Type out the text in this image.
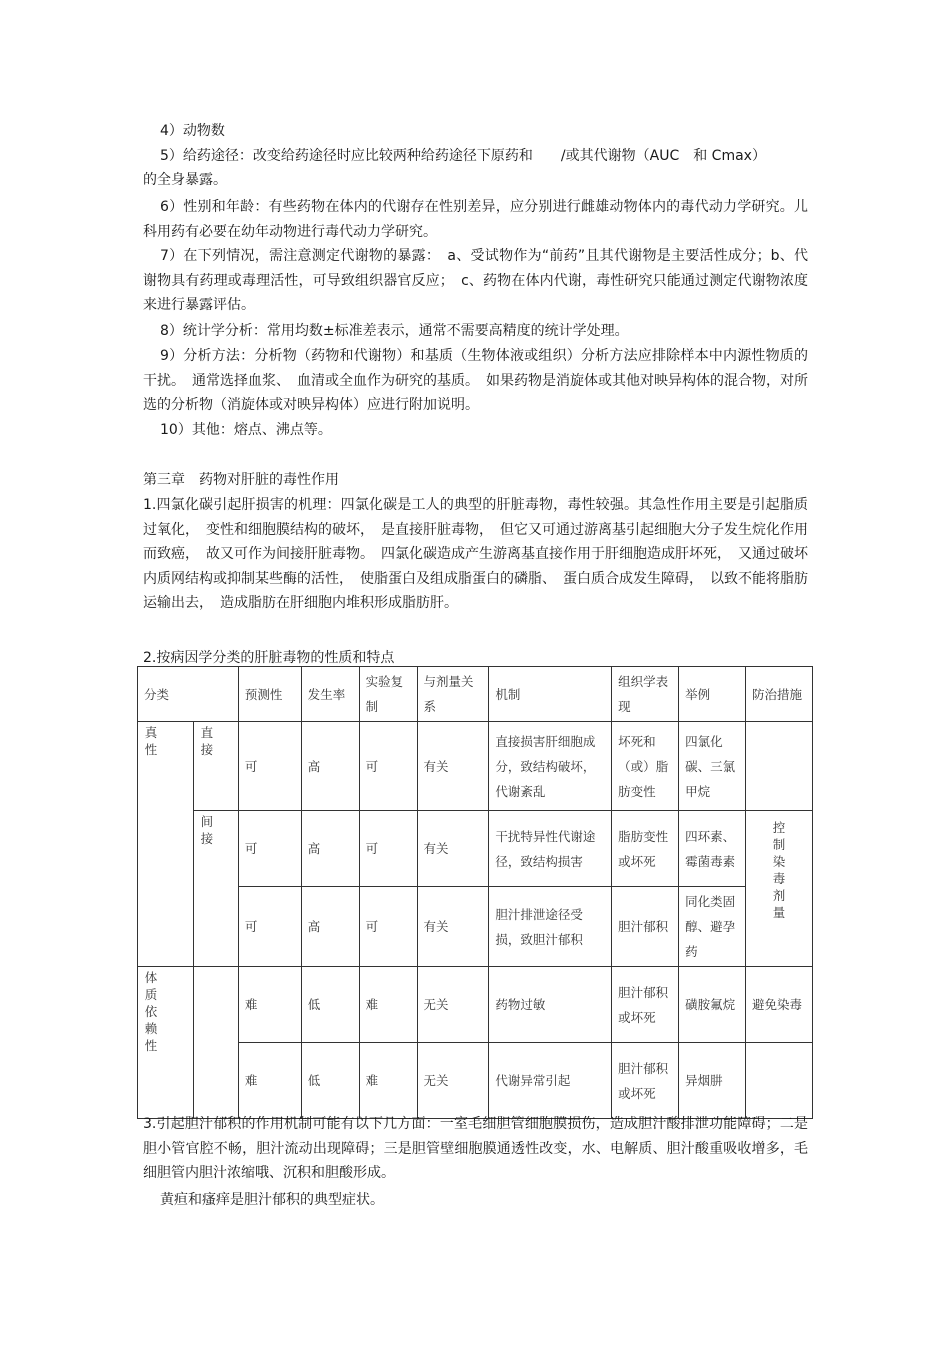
4）动物数
5）给药途径：改变给药途径时应比较两种给药途径下原药和　　/或其代谢物（AUC　和 Cmax）
的全身暴露。
6）性别和年龄：有些药物在体内的代谢存在性别差异，应分别进行雌雄动物体内的毒代动力学研究。儿科用药有必要在幼年动物进行毒代动力学研究。
7）在下列情况，需注意测定代谢物的暴露：　a、受试物作为“前药”且其代谢物是主要活性成分；b、代谢物具有药理或毒理活性，可导致组织器官反应；　c、药物在体内代谢，毒性研究只能通过测定代谢物浓度来进行暴露评估。
8）统计学分析：常用均数±标准差表示，通常不需要高精度的统计学处理。
9）分析方法：分析物（药物和代谢物）和基质（生物体液或组织）分析方法应排除样本中内源性物质的干扰。　通常选择血浆、　血清或全血作为研究的基质。　如果药物是消旋体或其他对映异构体的混合物，对所选的分析物（消旋体或对映异构体）应进行附加说明。
10）其他：熔点、沸点等。
第三章　药物对肝脏的毒性作用
1.四氯化碳引起肝损害的机理：四氯化碳是工人的典型的肝脏毒物，毒性较强。其急性作用主要是引起脂质过氧化，　变性和细胞膜结构的破坏，　是直接肝脏毒物，　但它又可通过游离基引起细胞大分子发生烷化作用而致癌，　故又可作为间接肝脏毒物。　四氯化碳造成产生游离基直接作用于肝细胞造成肝坏死，　又通过破坏内质网结构或抑制某些酶的活性，　使脂蛋白及组成脂蛋白的磷脂、　蛋白质合成发生障碍，　以致不能将脂肪运输出去，　造成脂肪在肝细胞内堆积形成脂肪肝。
2.按病因学分类的肝脏毒物的性质和特点
分类		预测性	发生率	实验复制	与剂量关系	机制	组织学表现	举例	防治措施
真性	直接	可	高	可	有关	直接损害肝细胞成分，致结构破坏，代谢紊乱	坏死和（或）脂肪变性	四氯化碳、三氯甲烷	
	间接	可	高	可	有关	干扰特异性代谢途径，致结构损害	脂肪变性或坏死	四环素、霉菌毒素	控制染毒剂量
		可	高	可	有关	胆汁排泄途径受损，致胆汁郁积	胆汁郁积	同化类固醇、避孕药	
体质依赖性		难	低	难	无关	药物过敏	胆汁郁积或坏死	磺胺氟烷	避免染毒
		难	低	难	无关	代谢异常引起	胆汁郁积或坏死	异烟肼	
3.引起胆汁郁积的作用机制可能有以下几方面：一室毛细胆管细胞膜损伤，造成胆汁酸排泄功能障碍；二是胆小管官腔不畅，胆汁流动出现障碍；三是胆管壁细胞膜通透性改变，水、电解质、胆汁酸重吸收增多，毛细胆管内胆汁浓缩哦、沉积和胆酸形成。
黄疸和瘙痒是胆汁郁积的典型症状。
